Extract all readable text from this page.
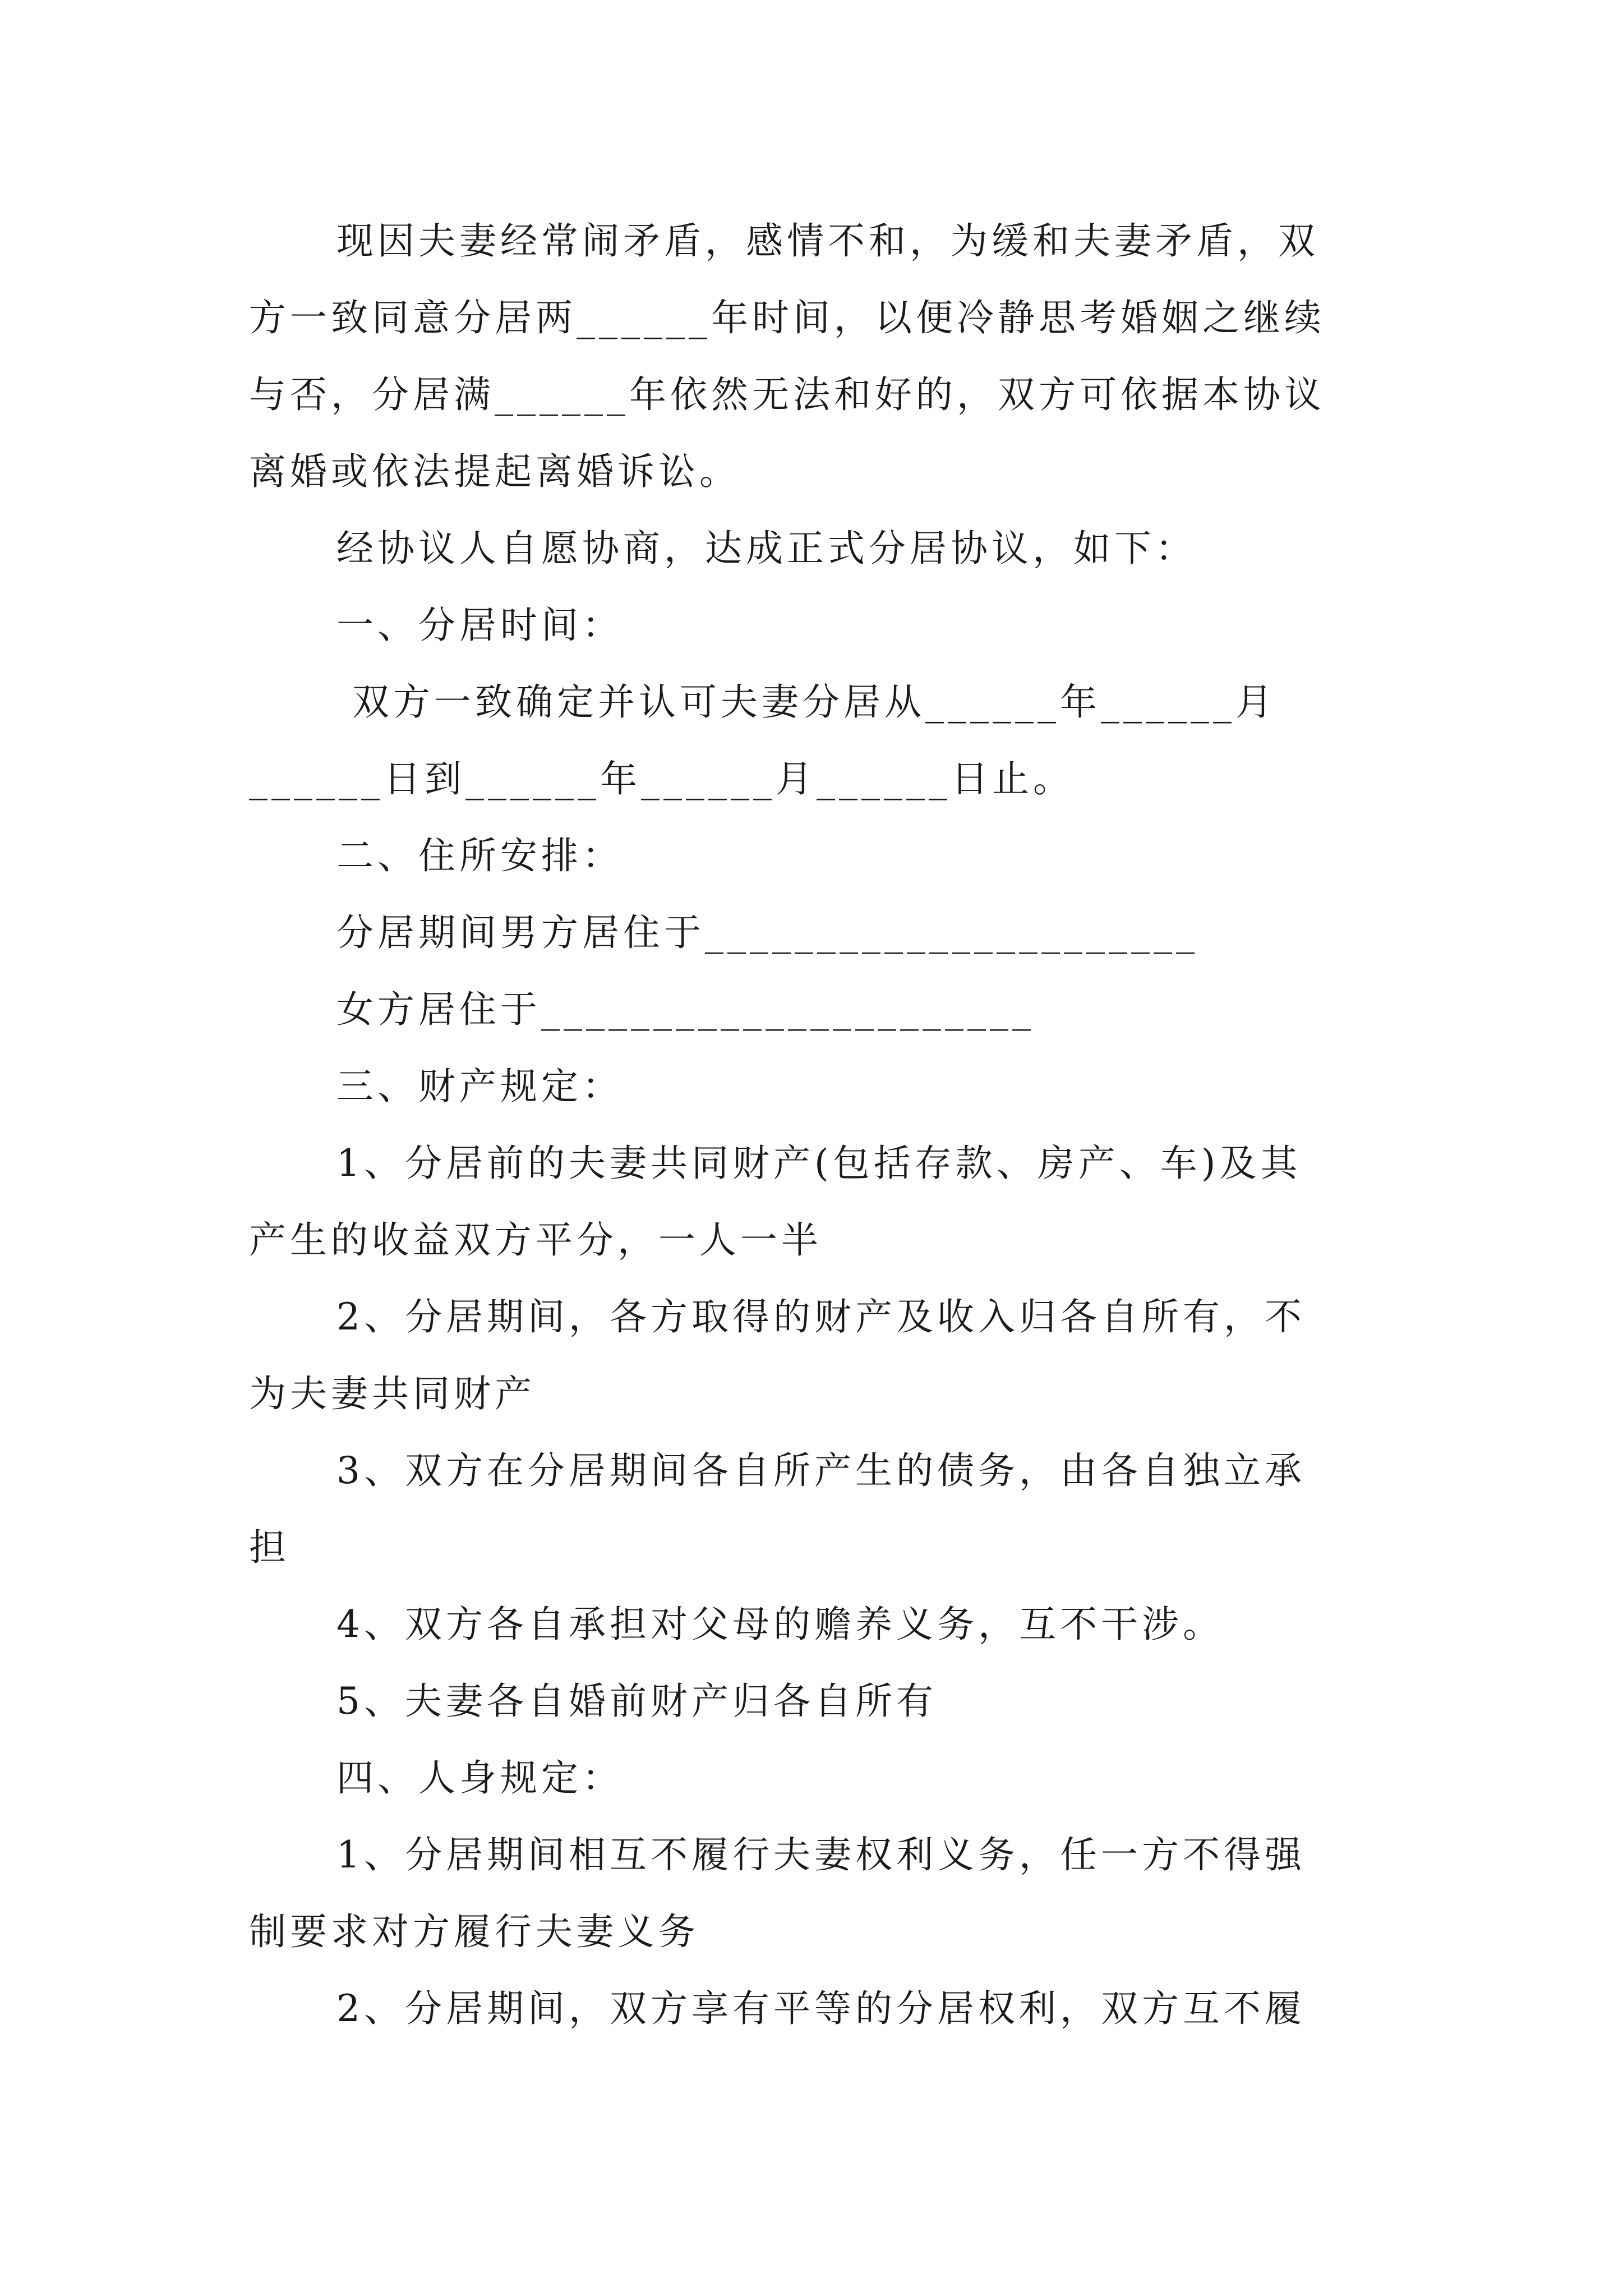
现因夫妻经常闹矛盾，感情不和，为缓和夫妻矛盾，双
方一致同意分居两______年时间，以便冷静思考婚姻之继续
与否，分居满______年依然无法和好的，双方可依据本协议
离婚或依法提起离婚诉讼。
经协议人自愿协商，达成正式分居协议，如下：
一、分居时间：
双方一致确定并认可夫妻分居从______年______月
______日到______年______月______日止。
二、住所安排：
分居期间男方居住于______________________
女方居住于______________________
三、财产规定：
1、分居前的夫妻共同财产(包括存款、房产、车)及其
产生的收益双方平分，一人一半
2、分居期间，各方取得的财产及收入归各自所有，不
为夫妻共同财产
3、双方在分居期间各自所产生的债务，由各自独立承
担
4、双方各自承担对父母的赡养义务，互不干涉。
5、夫妻各自婚前财产归各自所有
四、人身规定：
1、分居期间相互不履行夫妻权利义务，任一方不得强
制要求对方履行夫妻义务
2、分居期间，双方享有平等的分居权利，双方互不履
